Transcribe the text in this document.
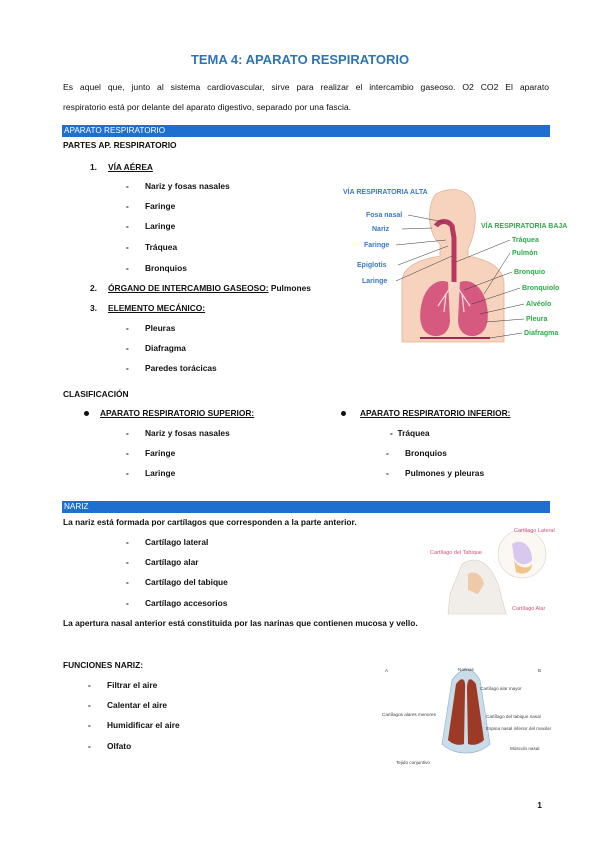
TEMA 4: APARATO RESPIRATORIO
Es aquel que, junto al sistema cardiovascular, sirve para realizar el intercambio gaseoso. O2 CO2 El aparato
respiratorio está por delante del aparato digestivo, separado por una fascia.
APARATO RESPIRATORIO
PARTES AP. RESPIRATORIO
1. VÍA AÉREA
- Nariz y fosas nasales
- Faringe
- Laringe
- Tráquea
- Bronquios
2. ÓRGANO DE INTERCAMBIO GASEOSO: Pulmones
3. ELEMENTO MECÁNICO:
- Pleuras
- Diafragma
- Paredes torácicas
CLASIFICACIÓN
APARATO RESPIRATORIO SUPERIOR:
- Nariz y fosas nasales
- Faringe
- Laringe
APARATO RESPIRATORIO INFERIOR:
-  Tráquea
- Bronquios
- Pulmones y pleuras
VÍA RESPIRATORIA ALTA
VÍA RESPIRATORIA BAJA
Fosa nasal
Nariz
Faringe
Epiglotis
Laringe
Tráquea
Pulmón
Bronquio
Bronquiolo
Alvéolo
Pleura
Diafragma
NARIZ
La nariz está formada por cartílagos que corresponden a la parte anterior.
- Cartílago lateral
- Cartílago alar
- Cartílago del tabique
- Cartílago accesorios
La apertura nasal anterior está constituida por las narinas que contienen mucosa y vello.
Cartílago Lateral
Cartílago del Tabique
Cartílago Alar
FUNCIONES NARIZ:
- Filtrar el aire
- Calentar el aire
- Humidificar el aire
- Olfato
A	B
Narinas
Cartílago alar mayor
Cartílagos alares menores	Cartílago del tabique nasal
Espina nasal inferior del maxilar
Músculo nasal
Tejido conjuntivo
1
